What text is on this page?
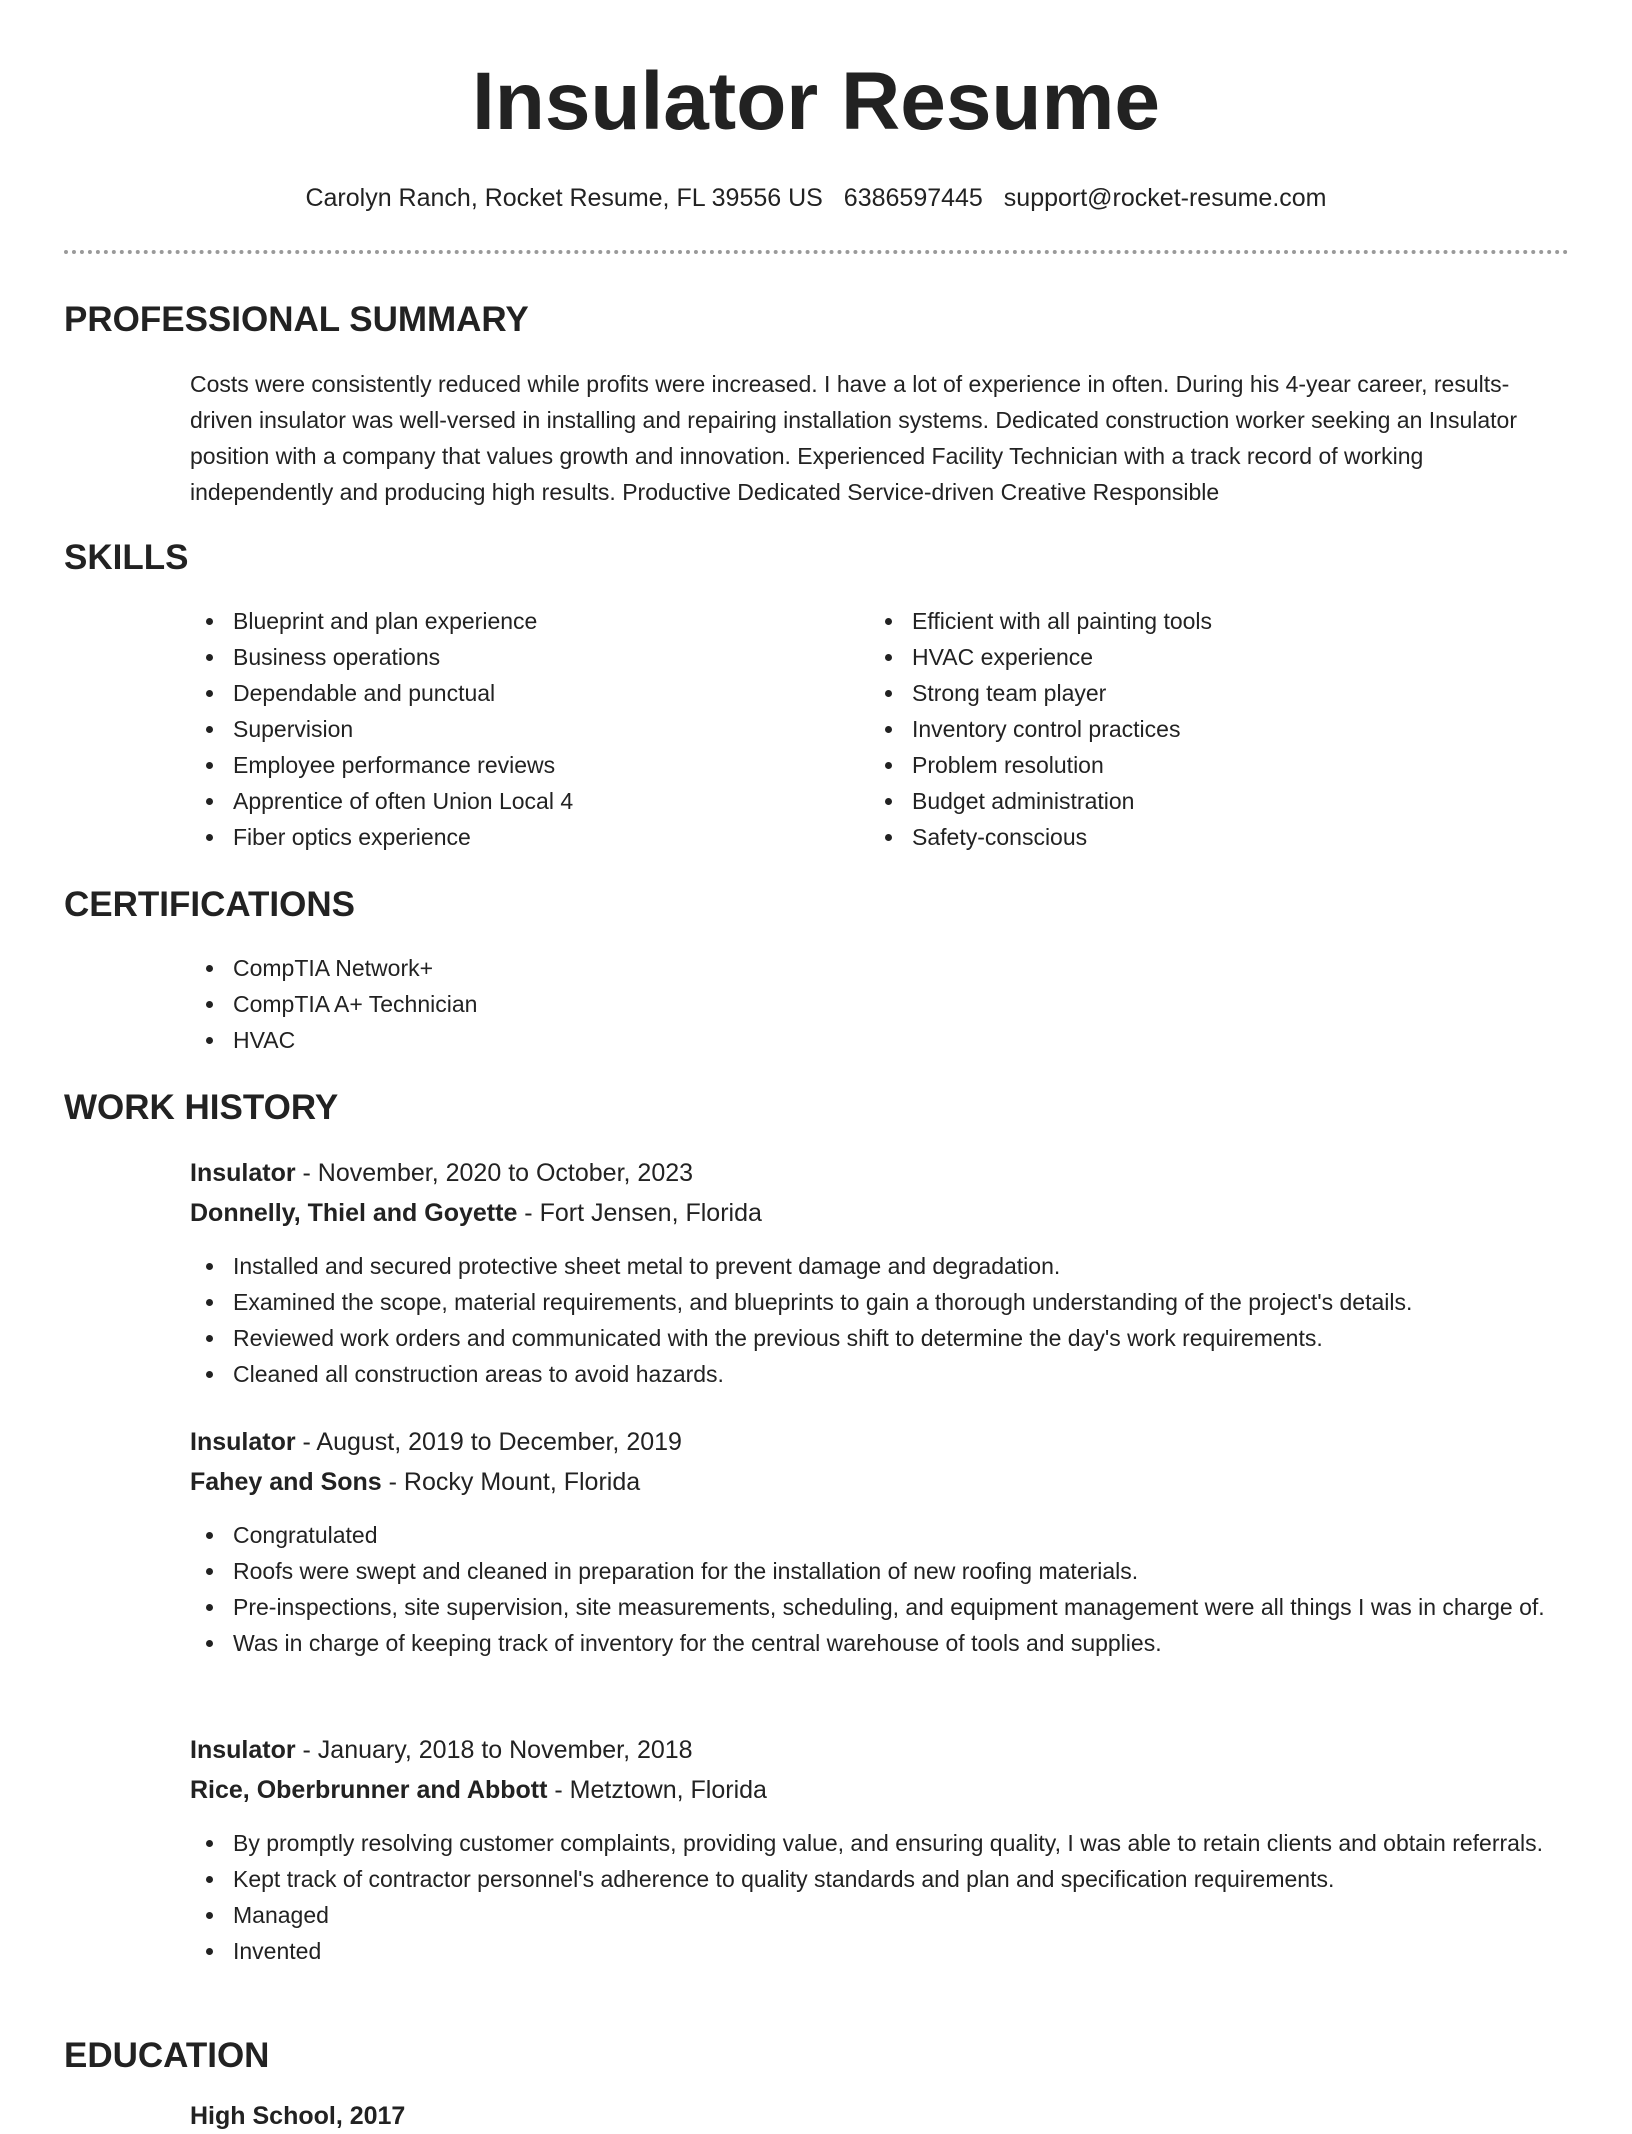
Insulator Resume
Carolyn Ranch, Rocket Resume, FL 39556 US 6386597445 support@rocket-resume.com
PROFESSIONAL SUMMARY

Costs were consistently reduced while profits were increased. I have a lot of experience in often. During his 4-year career, results-driven insulator was well-versed in installing and repairing installation systems. Dedicated construction worker seeking an Insulator position with a company that values growth and innovation. Experienced Facility Technician with a track record of working independently and producing high results. Productive Dedicated Service-driven Creative Responsible

SKILLS
Blueprint and plan experience
Business operations
Dependable and punctual
Supervision
Employee performance reviews
Apprentice of often Union Local 4
Fiber optics experience
Efficient with all painting tools
HVAC experience
Strong team player
Inventory control practices
Problem resolution
Budget administration
Safety-conscious
CERTIFICATIONS
CompTIA Network+
CompTIA A+ Technician
HVAC
WORK HISTORY

Insulator - November, 2020 to October, 2023

Donnelly, Thiel and Goyette - Fort Jensen, Florida

Installed and secured protective sheet metal to prevent damage and degradation.
Examined the scope, material requirements, and blueprints to gain a thorough understanding of the project's details.
Reviewed work orders and communicated with the previous shift to determine the day's work requirements.
Cleaned all construction areas to avoid hazards.

Insulator - August, 2019 to December, 2019

Fahey and Sons - Rocky Mount, Florida

Congratulated
Roofs were swept and cleaned in preparation for the installation of new roofing materials.
Pre-inspections, site supervision, site measurements, scheduling, and equipment management were all things I was in charge of.
Was in charge of keeping track of inventory for the central warehouse of tools and supplies.

Insulator - January, 2018 to November, 2018

Rice, Oberbrunner and Abbott - Metztown, Florida

By promptly resolving customer complaints, providing value, and ensuring quality, I was able to retain clients and obtain referrals.
Kept track of contractor personnel's adherence to quality standards and plan and specification requirements.
Managed
Invented
EDUCATION
High School, 2017
